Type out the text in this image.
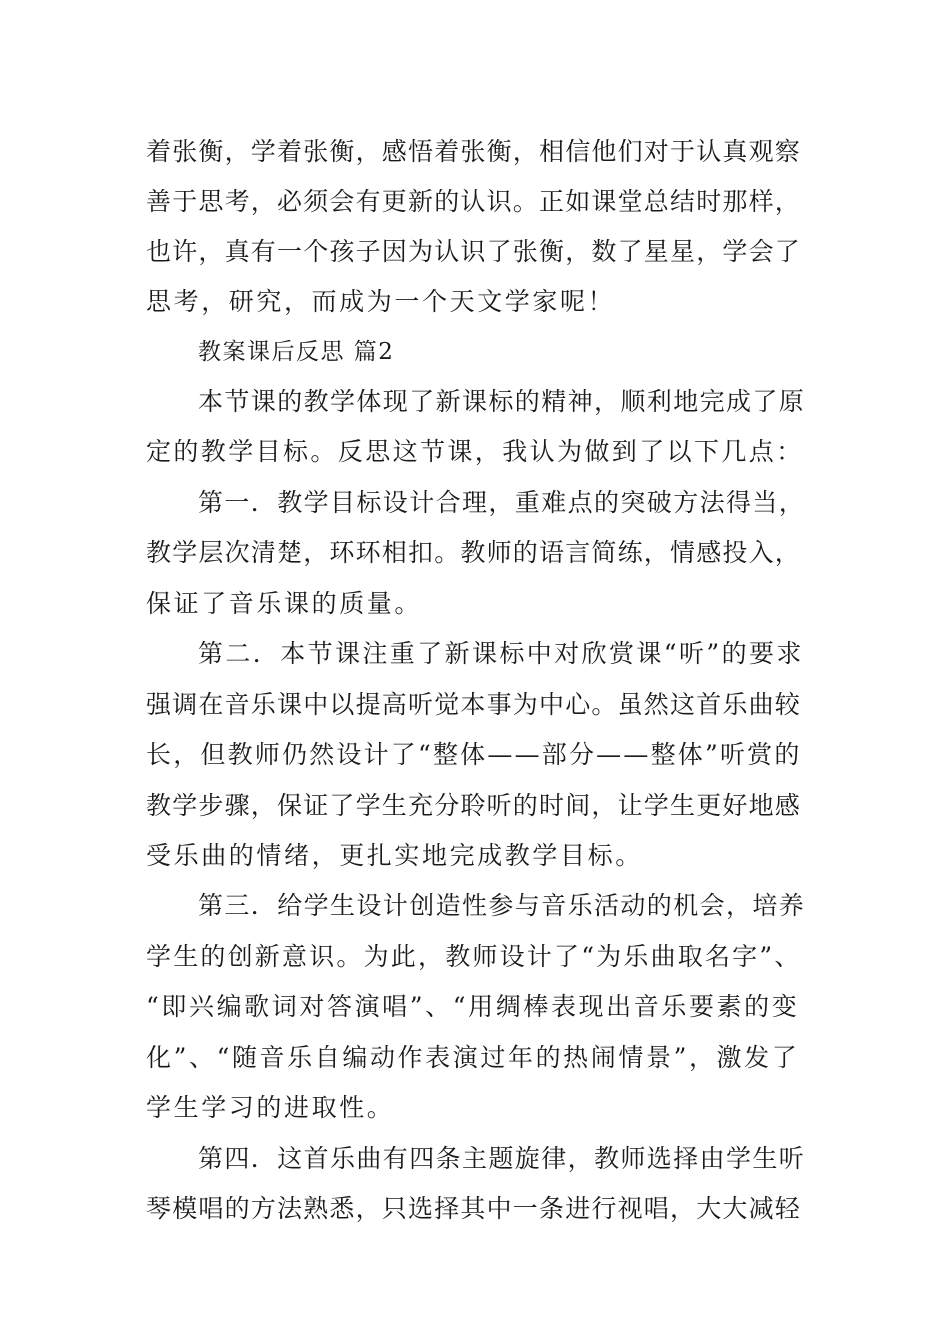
着张衡，学着张衡，感悟着张衡，相信他们对于认真观察
善于思考，必须会有更新的认识。正如课堂总结时那样，
也许，真有一个孩子因为认识了张衡，数了星星，学会了
思考，研究，而成为一个天文学家呢！
教案课后反思 篇2
本节课的教学体现了新课标的精神，顺利地完成了原
定的教学目标。反思这节课，我认为做到了以下几点：
第一．教学目标设计合理，重难点的突破方法得当，
教学层次清楚，环环相扣。教师的语言简练，情感投入，
保证了音乐课的质量。
第二．本节课注重了新课标中对欣赏课“听”的要求
强调在音乐课中以提高听觉本事为中心。虽然这首乐曲较
长，但教师仍然设计了“整体——部分——整体”听赏的
教学步骤，保证了学生充分聆听的时间，让学生更好地感
受乐曲的情绪，更扎实地完成教学目标。
第三．给学生设计创造性参与音乐活动的机会，培养
学生的创新意识。为此，教师设计了“为乐曲取名字”、
“即兴编歌词对答演唱”、“用绸棒表现出音乐要素的变
化”、“随音乐自编动作表演过年的热闹情景”，激发了
学生学习的进取性。
第四．这首乐曲有四条主题旋律，教师选择由学生听
琴模唱的方法熟悉，只选择其中一条进行视唱，大大减轻
